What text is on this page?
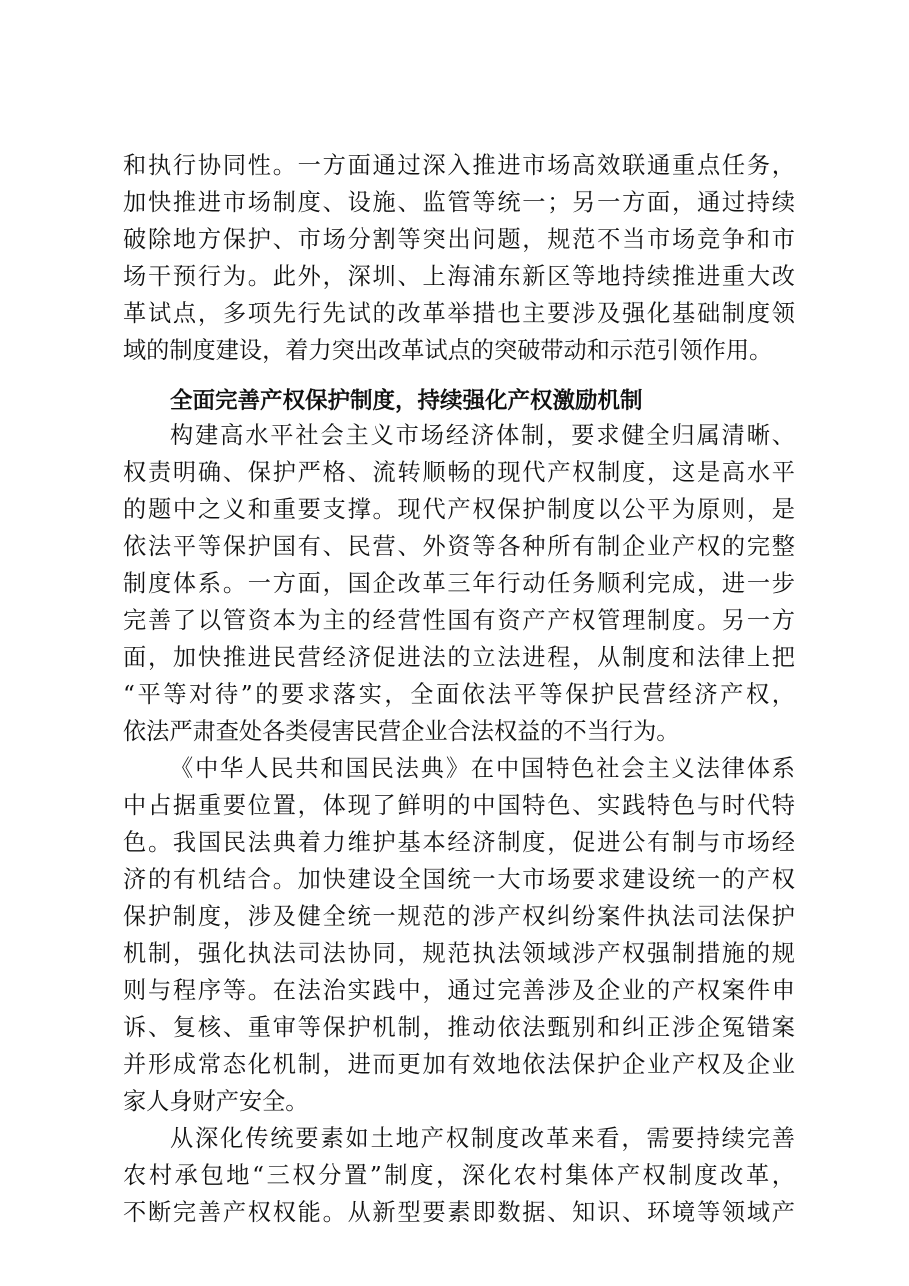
和执行协同性。一方面通过深入推进市场高效联通重点任务，
加快推进市场制度、设施、监管等统一；另一方面，通过持续
破除地方保护、市场分割等突出问题，规范不当市场竞争和市
场干预行为。此外，深圳、上海浦东新区等地持续推进重大改
革试点，多项先行先试的改革举措也主要涉及强化基础制度领
域的制度建设，着力突出改革试点的突破带动和示范引领作用。
全面完善产权保护制度，持续强化产权激励机制
构建高水平社会主义市场经济体制，要求健全归属清晰、
权责明确、保护严格、流转顺畅的现代产权制度，这是高水平
的题中之义和重要支撑。现代产权保护制度以公平为原则，是
依法平等保护国有、民营、外资等各种所有制企业产权的完整
制度体系。一方面，国企改革三年行动任务顺利完成，进一步
完善了以管资本为主的经营性国有资产产权管理制度。另一方
面，加快推进民营经济促进法的立法进程，从制度和法律上把
“平等对待”的要求落实，全面依法平等保护民营经济产权，
依法严肃查处各类侵害民营企业合法权益的不当行为。
《中华人民共和国民法典》在中国特色社会主义法律体系
中占据重要位置，体现了鲜明的中国特色、实践特色与时代特
色。我国民法典着力维护基本经济制度，促进公有制与市场经
济的有机结合。加快建设全国统一大市场要求建设统一的产权
保护制度，涉及健全统一规范的涉产权纠纷案件执法司法保护
机制，强化执法司法协同，规范执法领域涉产权强制措施的规
则与程序等。在法治实践中，通过完善涉及企业的产权案件申
诉、复核、重审等保护机制，推动依法甄别和纠正涉企冤错案
并形成常态化机制，进而更加有效地依法保护企业产权及企业
家人身财产安全。
从深化传统要素如土地产权制度改革来看，需要持续完善
农村承包地“三权分置”制度，深化农村集体产权制度改革，
不断完善产权权能。从新型要素即数据、知识、环境等领域产
